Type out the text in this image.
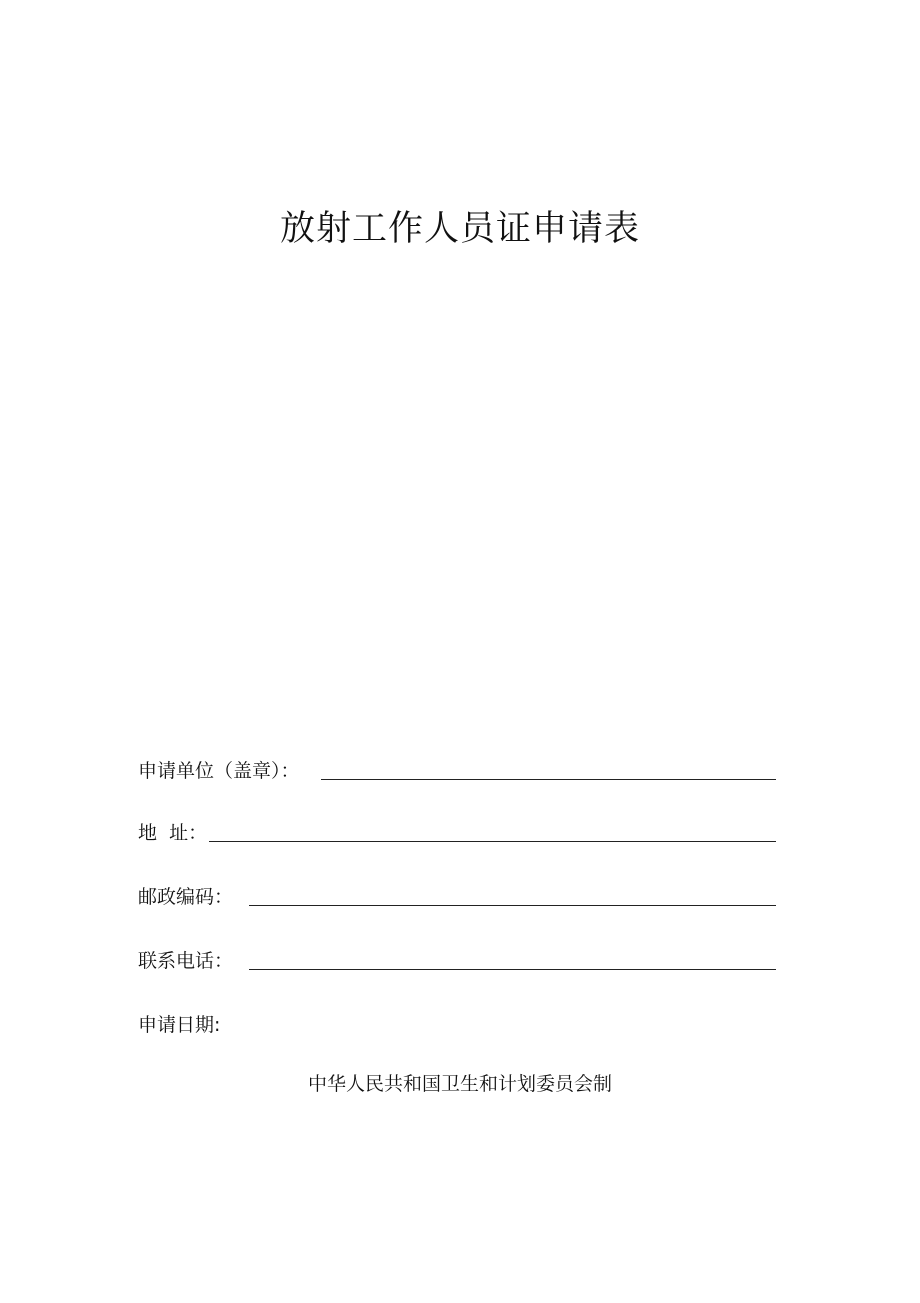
放射工作人员证申请表
申请单位（盖章）：
地  址：
邮政编码：
联系电话：
申请日期:
中华人民共和国卫生和计划委员会制
